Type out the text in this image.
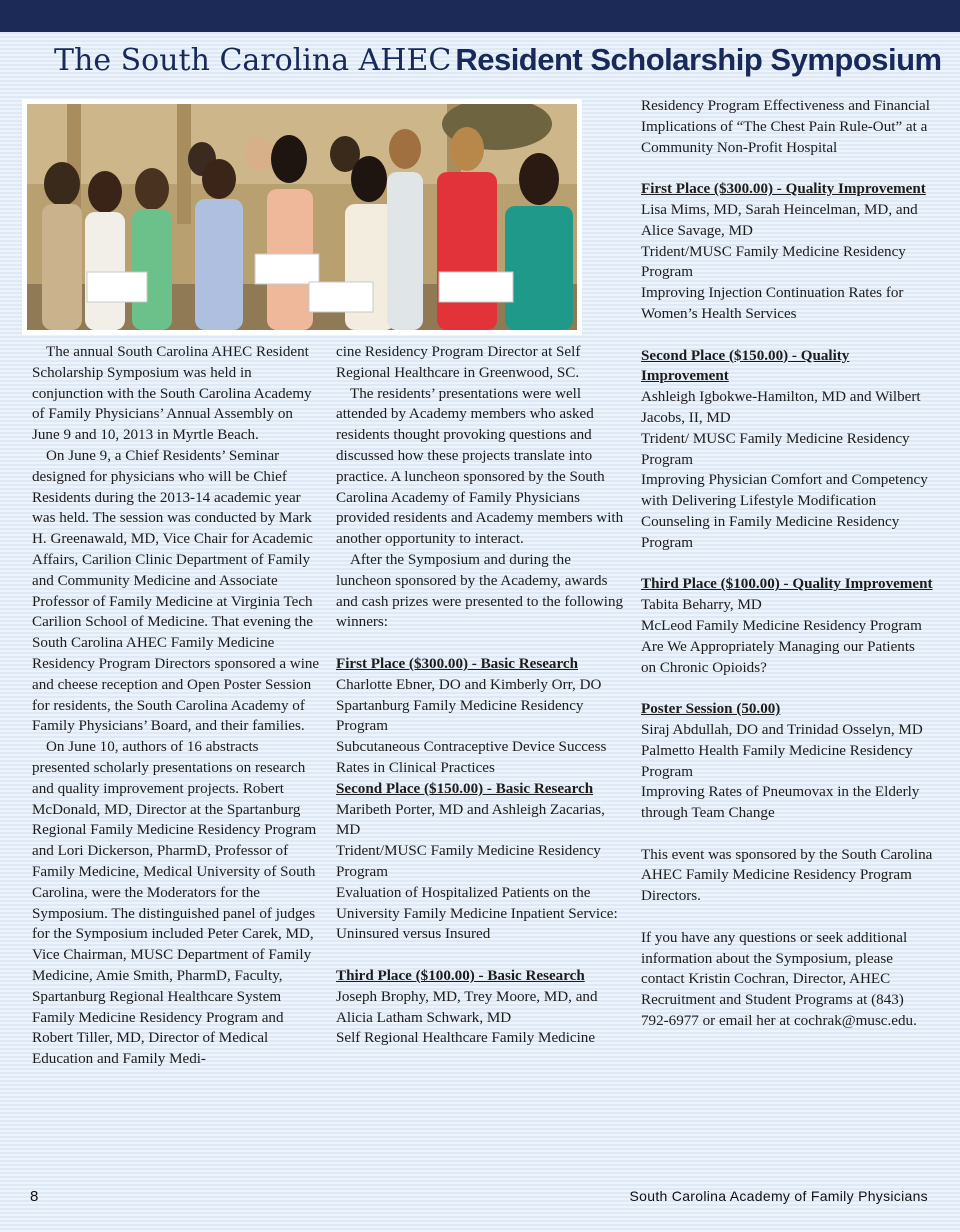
The South Carolina AHEC Resident Scholarship Symposium

The annual South Carolina AHEC Resident Scholarship Symposium was held in conjunction with the South Carolina Academy of Family Physicians’ Annual Assembly on June 9 and 10, 2013 in Myrtle Beach.

On June 9, a Chief Residents’ Seminar designed for physicians who will be Chief Residents during the 2013-14 academic year was held. The session was conducted by Mark H. Greenawald, MD, Vice Chair for Academic Affairs, Carilion Clinic Department of Family and Community Medicine and Associate Professor of Family Medicine at Virginia Tech Carilion School of Medicine. That evening the South Carolina AHEC Family Medicine Residency Program Directors sponsored a wine and cheese reception and Open Poster Session for residents, the South Carolina Academy of Family Physicians’ Board, and their families.

On June 10, authors of 16 abstracts presented scholarly presentations on research and quality improvement projects. Robert McDonald, MD, Director at the Spartanburg Regional Family Medicine Residency Program and Lori Dickerson, PharmD, Professor of Family Medicine, Medical University of South Carolina, were the Moderators for the Symposium. The distinguished panel of judges for the Symposium included Peter Carek, MD, Vice Chairman, MUSC Department of Family Medicine, Amie Smith, PharmD, Faculty, Spartanburg Regional Healthcare System Family Medicine Residency Program and Robert Tiller, MD, Director of Medical Education and Family Medi-

cine Residency Program Director at Self Regional Healthcare in Greenwood, SC.

The residents’ presentations were well attended by Academy members who asked residents thought provoking questions and discussed how these projects translate into practice. A luncheon sponsored by the South Carolina Academy of Family Physicians provided residents and Academy members with another opportunity to interact.

After the Symposium and during the luncheon sponsored by the Academy, awards and cash prizes were presented to the following winners:

First Place ($300.00) - Basic Research

Charlotte Ebner, DO and Kimberly Orr, DO

Spartanburg Family Medicine Residency Program

Subcutaneous Contraceptive Device Success Rates in Clinical Practices

Second Place ($150.00) - Basic Research

Maribeth Porter, MD and Ashleigh Zacarias, MD

Trident/MUSC Family Medicine Residency Program

Evaluation of Hospitalized Patients on the University Family Medicine Inpatient Service: Uninsured versus Insured

Third Place ($100.00) - Basic Research

Joseph Brophy, MD, Trey Moore, MD, and Alicia Latham Schwark, MD

Self Regional Healthcare Family Medicine

Residency Program Effectiveness and Financial Implications of “The Chest Pain Rule-Out” at a Community Non-Profit Hospital

First Place ($300.00) - Quality Improvement

Lisa Mims, MD, Sarah Heincelman, MD, and Alice Savage, MD

Trident/MUSC Family Medicine Residency Program

Improving Injection Continuation Rates for Women’s Health Services

Second Place ($150.00) - Quality Improvement

Ashleigh Igbokwe-Hamilton, MD and Wilbert Jacobs, II, MD

Trident/ MUSC Family Medicine Residency Program

Improving Physician Comfort and Competency with Delivering Lifestyle Modification Counseling in Family Medicine Residency Program

Third Place ($100.00) - Quality Improvement

Tabita Beharry, MD

McLeod Family Medicine Residency Program

Are We Appropriately Managing our Patients on Chronic Opioids?

Poster Session (50.00)

Siraj Abdullah, DO and Trinidad Osselyn, MD

Palmetto Health Family Medicine Residency Program

Improving Rates of Pneumovax in the Elderly through Team Change

This event was sponsored by the South Carolina AHEC Family Medicine Residency Program Directors.

If you have any questions or seek additional information about the Symposium, please contact Kristin Cochran, Director, AHEC Recruitment and Student Programs at (843) 792-6977 or email her at cochrak@musc.edu.

8	South Carolina Academy of Family Physicians
